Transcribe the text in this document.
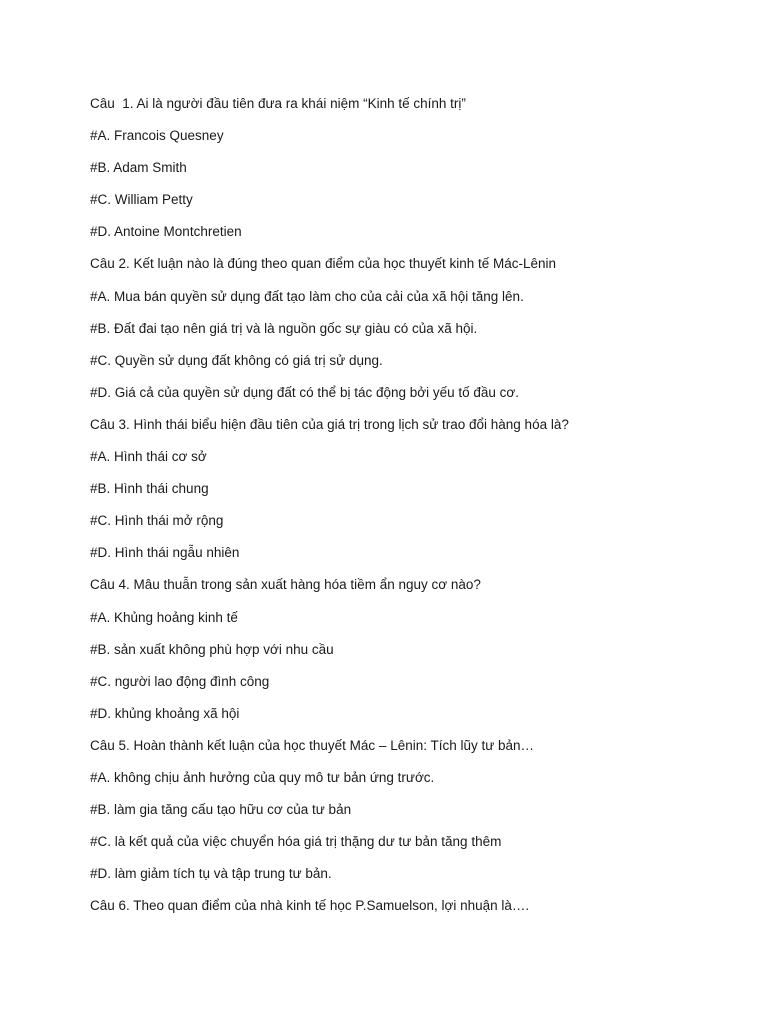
Câu  1. Ai là người đầu tiên đưa ra khái niệm “Kinh tế chính trị”
#A. Francois Quesney
#B. Adam Smith
#C. William Petty
#D. Antoine Montchretien
Câu 2. Kết luận nào là đúng theo quan điểm của học thuyết kinh tế Mác-Lênin
#A. Mua bán quyền sử dụng đất tạo làm cho của cải của xã hội tăng lên.
#B. Đất đai tạo nên giá trị và là nguồn gốc sự giàu có của xã hội.
#C. Quyền sử dụng đất không có giá trị sử dụng.
#D. Giá cả của quyền sử dụng đất có thể bị tác động bởi yếu tố đầu cơ.
Câu 3. Hình thái biểu hiện đầu tiên của giá trị trong lịch sử trao đổi hàng hóa là?
#A. Hình thái cơ sở
#B. Hình thái chung
#C. Hình thái mở rộng
#D. Hình thái ngẫu nhiên
Câu 4. Mâu thuẫn trong sản xuất hàng hóa tiềm ẩn nguy cơ nào?
#A. Khủng hoảng kinh tế
#B. sản xuất không phù hợp với nhu cầu
#C. người lao động đình công
#D. khủng khoảng xã hội
Câu 5. Hoàn thành kết luận của học thuyết Mác – Lênin: Tích lũy tư bản…
#A. không chịu ảnh hưởng của quy mô tư bản ứng trước.
#B. làm gia tăng cấu tạo hữu cơ của tư bản
#C. là kết quả của việc chuyển hóa giá trị thặng dư tư bản tăng thêm
#D. làm giảm tích tụ và tập trung tư bản.
Câu 6. Theo quan điểm của nhà kinh tế học P.Samuelson, lợi nhuận là….
